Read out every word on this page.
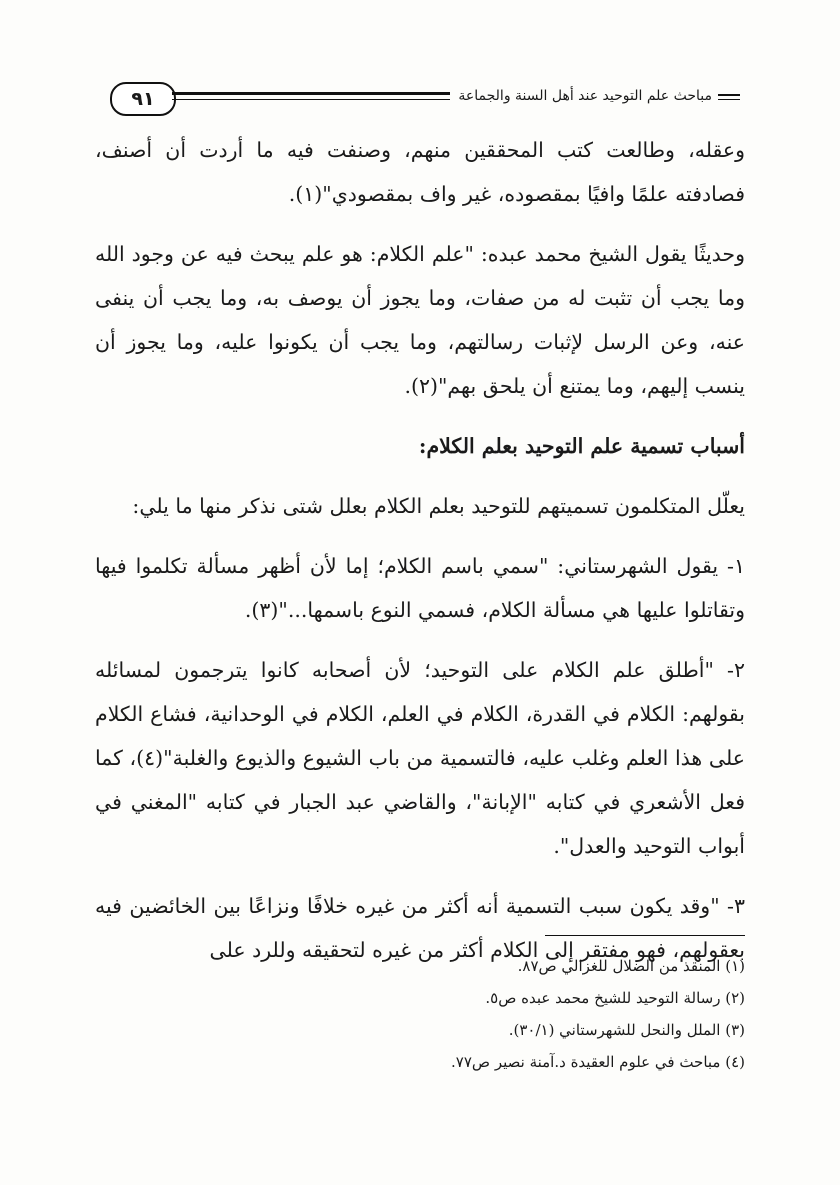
٩١	مباحث علم التوحيد عند أهل السنة والجماعة

وعقله، وطالعت كتب المحققين منهم، وصنفت فيه ما أردت أن أصنف، فصادفته علمًا وافيًا بمقصوده، غير واف بمقصودي"(١).

وحديثًا يقول الشيخ محمد عبده: "علم الكلام: هو علم يبحث فيه عن وجود الله وما يجب أن تثبت له من صفات، وما يجوز أن يوصف به، وما يجب أن ينفى عنه، وعن الرسل لإثبات رسالتهم، وما يجب أن يكونوا عليه، وما يجوز أن ينسب إليهم، وما يمتنع أن يلحق بهم"(٢).

أسباب تسمية علم التوحيد بعلم الكلام:

يعلّل المتكلمون تسميتهم للتوحيد بعلم الكلام بعلل شتى نذكر منها ما يلي:

١- يقول الشهرستاني: "سمي باسم الكلام؛ إما لأن أظهر مسألة تكلموا فيها وتقاتلوا عليها هي مسألة الكلام، فسمي النوع باسمها..."(٣).

٢- "أطلق علم الكلام على التوحيد؛ لأن أصحابه كانوا يترجمون لمسائله بقولهم: الكلام في القدرة، الكلام في العلم، الكلام في الوحدانية، فشاع الكلام على هذا العلم وغلب عليه، فالتسمية من باب الشيوع والذيوع والغلبة"(٤)، كما فعل الأشعري في كتابه "الإبانة"، والقاضي عبد الجبار في كتابه "المغني في أبواب التوحيد والعدل".

٣- "وقد يكون سبب التسمية أنه أكثر من غيره خلافًا ونزاعًا بين الخائضين فيه بعقولهم، فهو مفتقر إلى الكلام أكثر من غيره لتحقيقه وللرد على

(١) المنقذ من الضلال للغزالي ص٨٧.
(٢) رسالة التوحيد للشيخ محمد عبده ص٥.
(٣) الملل والنحل للشهرستاني (٣٠/١).
(٤) مباحث في علوم العقيدة د.آمنة نصير ص٧٧.
